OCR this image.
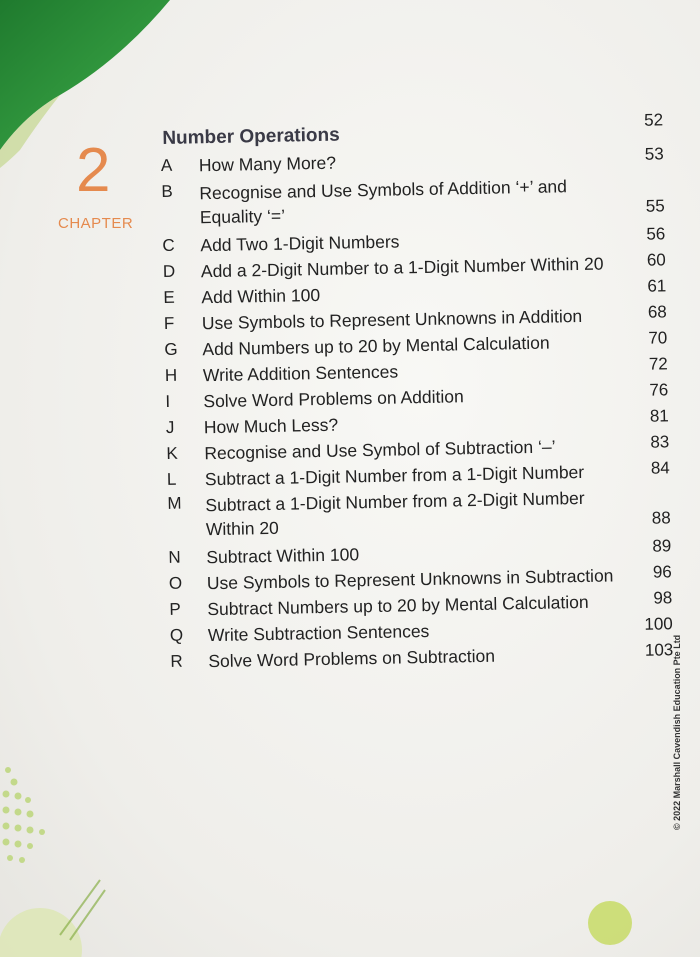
2
CHAPTER
Number Operations
52
A	How Many More?	53
B	Recognise and Use Symbols of Addition ‘+’ and Equality ‘=’	55
C	Add Two 1-Digit Numbers	56
D	Add a 2-Digit Number to a 1-Digit Number Within 20	60
E	Add Within 100	61
F	Use Symbols to Represent Unknowns in Addition	68
G	Add Numbers up to 20 by Mental Calculation	70
H	Write Addition Sentences	72
I	Solve Word Problems on Addition	76
J	How Much Less?	81
K	Recognise and Use Symbol of Subtraction ‘–’	83
L	Subtract a 1-Digit Number from a 1-Digit Number	84
M	Subtract a 1-Digit Number from a 2-Digit Number Within 20	88
N	Subtract Within 100	89
O	Use Symbols to Represent Unknowns in Subtraction	96
P	Subtract Numbers up to 20 by Mental Calculation	98
Q	Write Subtraction Sentences	100
R	Solve Word Problems on Subtraction	103
© 2022 Marshall Cavendish Education Pte Ltd
